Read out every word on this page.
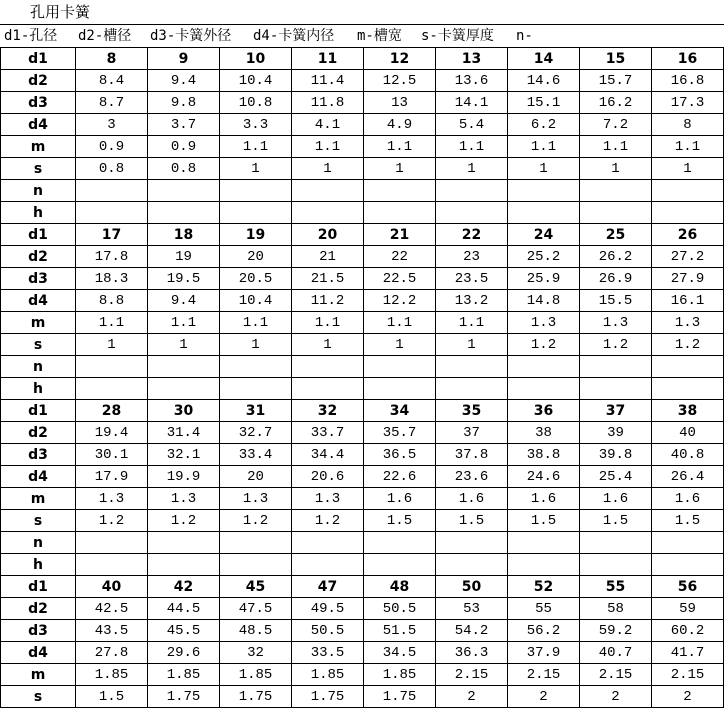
孔用卡簧
d1-孔径 d2-槽径 d3-卡簧外径 d4-卡簧内径 m-槽宽 s-卡簧厚度 n-
d1	8	9	10	11	12	13	14	15	16
d2	8.4	9.4	10.4	11.4	12.5	13.6	14.6	15.7	16.8
d3	8.7	9.8	10.8	11.8	13	14.1	15.1	16.2	17.3
d4	3	3.7	3.3	4.1	4.9	5.4	6.2	7.2	8
m	0.9	0.9	1.1	1.1	1.1	1.1	1.1	1.1	1.1
s	0.8	0.8	1	1	1	1	1	1	1
n
h
d1	17	18	19	20	21	22	24	25	26
d2	17.8	19	20	21	22	23	25.2	26.2	27.2
d3	18.3	19.5	20.5	21.5	22.5	23.5	25.9	26.9	27.9
d4	8.8	9.4	10.4	11.2	12.2	13.2	14.8	15.5	16.1
m	1.1	1.1	1.1	1.1	1.1	1.1	1.3	1.3	1.3
s	1	1	1	1	1	1	1.2	1.2	1.2
n
h
d1	28	30	31	32	34	35	36	37	38
d2	19.4	31.4	32.7	33.7	35.7	37	38	39	40
d3	30.1	32.1	33.4	34.4	36.5	37.8	38.8	39.8	40.8
d4	17.9	19.9	20	20.6	22.6	23.6	24.6	25.4	26.4
m	1.3	1.3	1.3	1.3	1.6	1.6	1.6	1.6	1.6
s	1.2	1.2	1.2	1.2	1.5	1.5	1.5	1.5	1.5
n
h
d1	40	42	45	47	48	50	52	55	56
d2	42.5	44.5	47.5	49.5	50.5	53	55	58	59
d3	43.5	45.5	48.5	50.5	51.5	54.2	56.2	59.2	60.2
d4	27.8	29.6	32	33.5	34.5	36.3	37.9	40.7	41.7
m	1.85	1.85	1.85	1.85	1.85	2.15	2.15	2.15	2.15
s	1.5	1.75	1.75	1.75	1.75	2	2	2	2
